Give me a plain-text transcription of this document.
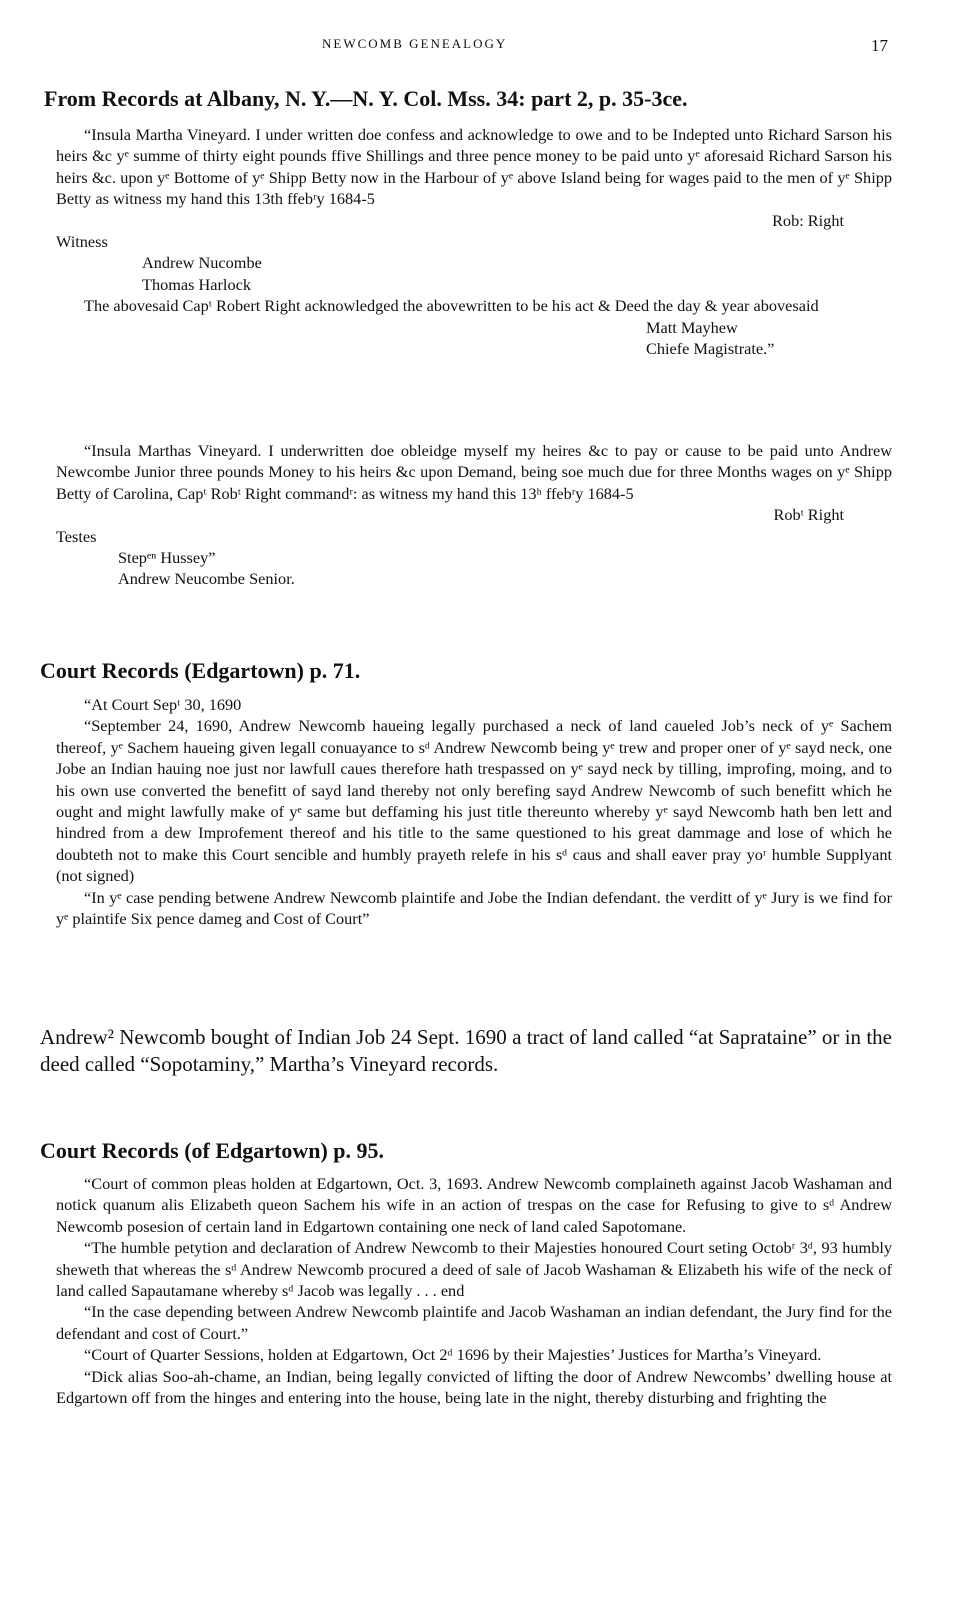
NEWCOMB GENEALOGY	17
From Records at Albany, N. Y.—N. Y. Col. Mss. 34: part 2, p. 35-3ce.

“Insula Martha Vineyard. I under written doe confess and acknowledge to owe and to be Indepted unto Richard Sarson his heirs &c yᵉ summe of thirty eight pounds ffive Shillings and three pence money to be paid unto yᵉ aforesaid Richard Sarson his heirs &c. upon yᵉ Bottome of yᵉ Shipp Betty now in the Harbour of yᵉ above Island being for wages paid to the men of yᵉ Shipp Betty as witness my hand this 13th ffebʳy 1684-5

Rob: Right

Witness

Andrew Nucombe

Thomas Harlock

The abovesaid Capᵗ Robert Right acknowledged the abovewritten to be his act & Deed the day & year abovesaid

Matt Mayhew

Chiefe Magistrate.”

“Insula Marthas Vineyard. I underwritten doe obleidge myself my heires &c to pay or cause to be paid unto Andrew Newcombe Junior three pounds Money to his heirs &c upon Demand, being soe much due for three Months wages on yᵉ Shipp Betty of Carolina, Capᵗ Robᵗ Right commandʳ: as witness my hand this 13ʰ ffebʳy 1684-5

Robᵗ Right

Testes

Stepᵉⁿ Hussey”

Andrew Neucombe Senior.

Court Records (Edgartown) p. 71.

“At Court Sepᵗ 30, 1690

“September 24, 1690, Andrew Newcomb haueing legally purchased a neck of land caueled Job’s neck of yᵉ Sachem thereof, yᵉ Sachem haueing given legall conuayance to sᵈ Andrew Newcomb being yᵉ trew and proper oner of yᵉ sayd neck, one Jobe an Indian hauing noe just nor lawfull caues therefore hath trespassed on yᵉ sayd neck by tilling, improfing, moing, and to his own use converted the benefitt of sayd land thereby not only berefing sayd Andrew Newcomb of such benefitt which he ought and might lawfully make of yᵉ same but deffaming his just title thereunto whereby yᵉ sayd Newcomb hath ben lett and hindred from a dew Improfement thereof and his title to the same questioned to his great dammage and lose of which he doubteth not to make this Court sencible and humbly prayeth relefe in his sᵈ caus and shall eaver pray yoʳ humble Supplyant (not signed)

“In yᵉ case pending betwene Andrew Newcomb plaintife and Jobe the Indian defendant. the verditt of yᵉ Jury is we find for yᵉ plaintife Six pence dameg and Cost of Court”

Andrew² Newcomb bought of Indian Job 24 Sept. 1690 a tract of land called “at Saprataine” or in the deed called “Sopotaminy,” Martha’s Vineyard records.

Court Records (of Edgartown) p. 95.

“Court of common pleas holden at Edgartown, Oct. 3, 1693. Andrew Newcomb complaineth against Jacob Washaman and notick quanum alis Elizabeth queon Sachem his wife in an action of trespas on the case for Refusing to give to sᵈ Andrew Newcomb posesion of certain land in Edgartown containing one neck of land caled Sapotomane.

“The humble petytion and declaration of Andrew Newcomb to their Majesties honoured Court seting Octobʳ 3ᵈ, 93 humbly sheweth that whereas the sᵈ Andrew Newcomb procured a deed of sale of Jacob Washaman & Elizabeth his wife of the neck of land called Sapautamane whereby sᵈ Jacob was legally . . . end

“In the case depending between Andrew Newcomb plaintife and Jacob Washaman an indian defendant, the Jury find for the defendant and cost of Court.”

“Court of Quarter Sessions, holden at Edgartown, Oct 2ᵈ 1696 by their Majesties’ Justices for Martha’s Vineyard.

“Dick alias Soo-ah-chame, an Indian, being legally convicted of lifting the door of Andrew Newcombs’ dwelling house at Edgartown off from the hinges and entering into the house, being late in the night, thereby disturbing and frighting the
